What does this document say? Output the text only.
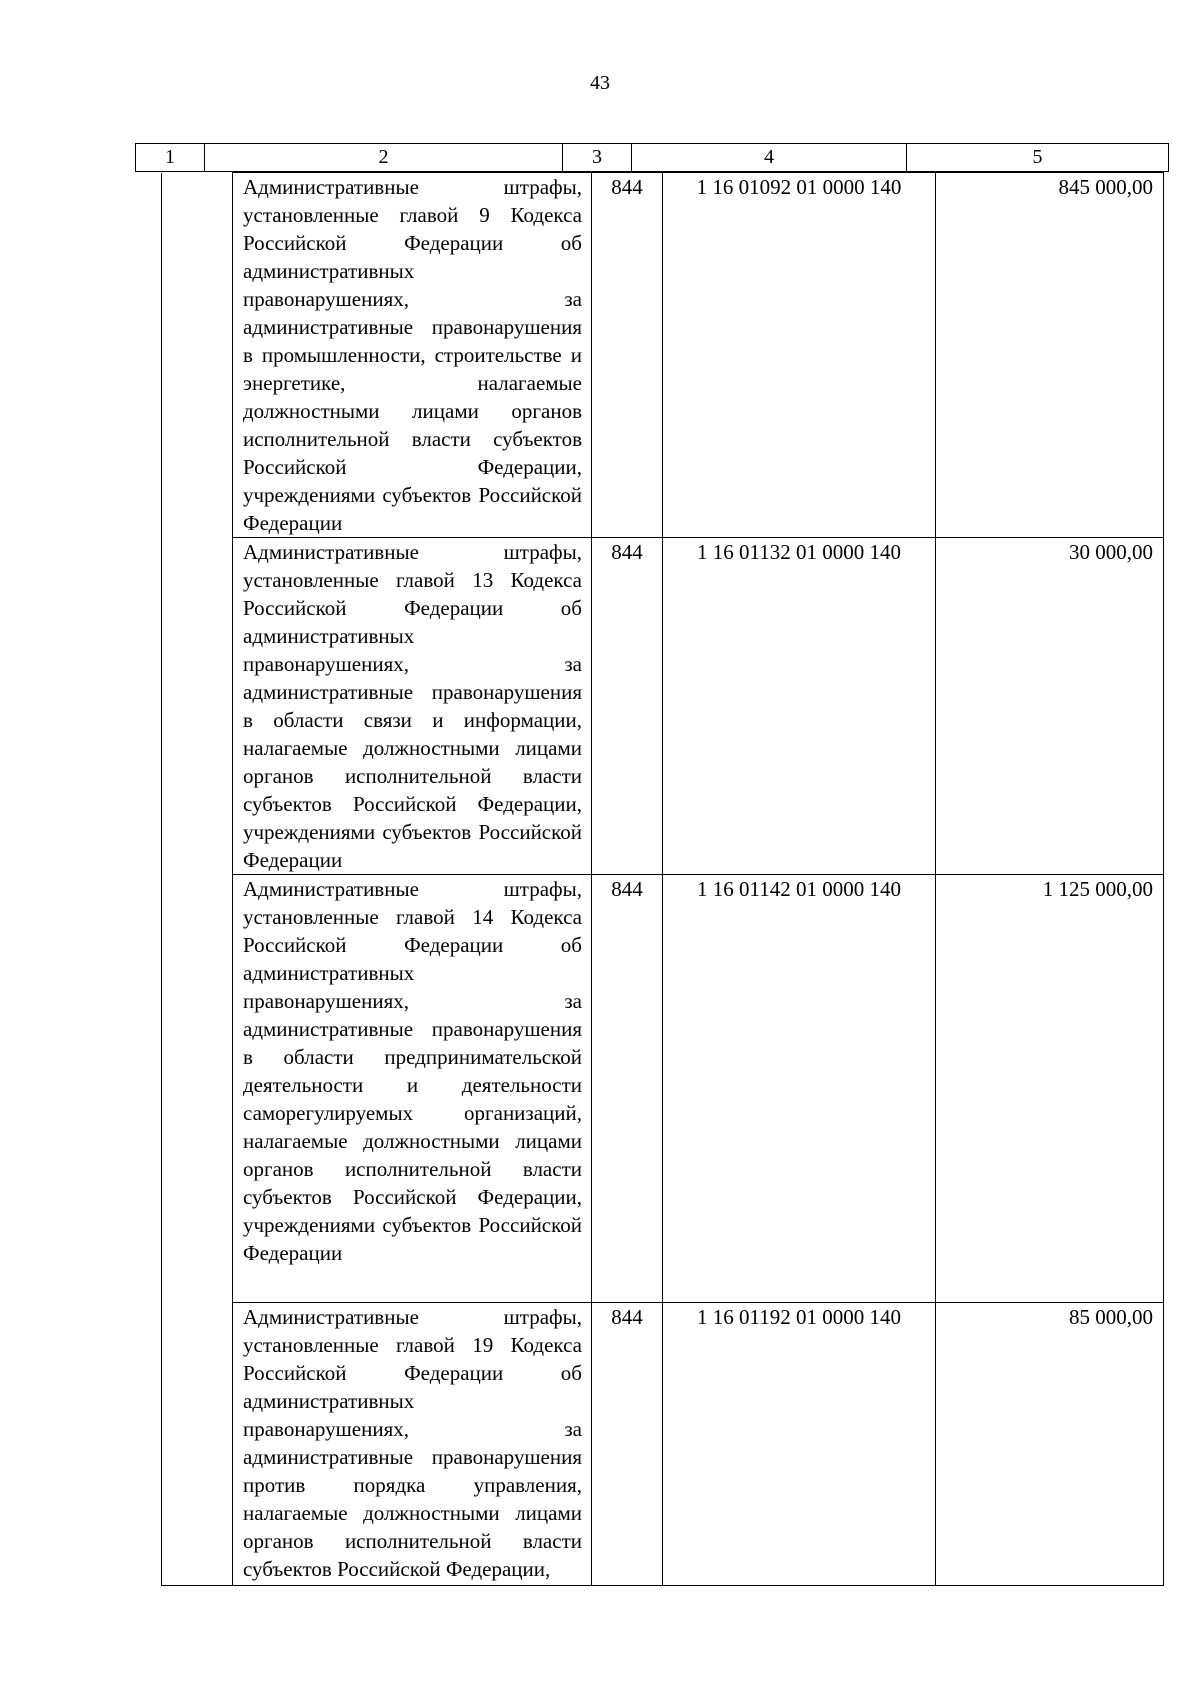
43
1	2	3	4	5
	Административные штрафы, установленные главой 9 Кодекса Российской Федерации об административных правонарушениях, за административные правонарушения в промышленности, строительстве и энергетике, налагаемые должностными лицами органов исполнительной власти субъектов Российской Федерации, учреждениями субъектов Российской Федерации	844	1 16 01092 01 0000 140	845 000,00
	Административные штрафы, установленные главой 13 Кодекса Российской Федерации об административных правонарушениях, за административные правонарушения в области связи и информации, налагаемые должностными лицами органов исполнительной власти субъектов Российской Федерации, учреждениями субъектов Российской Федерации	844	1 16 01132 01 0000 140	30 000,00
	Административные штрафы, установленные главой 14 Кодекса Российской Федерации об административных правонарушениях, за административные правонарушения в области предпринимательской деятельности и деятельности саморегулируемых организаций, налагаемые должностными лицами органов исполнительной власти субъектов Российской Федерации, учреждениями субъектов Российской Федерации	844	1 16 01142 01 0000 140	1 125 000,00
	Административные штрафы, установленные главой 19 Кодекса Российской Федерации об административных правонарушениях, за административные правонарушения против порядка управления, налагаемые должностными лицами органов исполнительной власти субъектов Российской Федерации,	844	1 16 01192 01 0000 140	85 000,00
